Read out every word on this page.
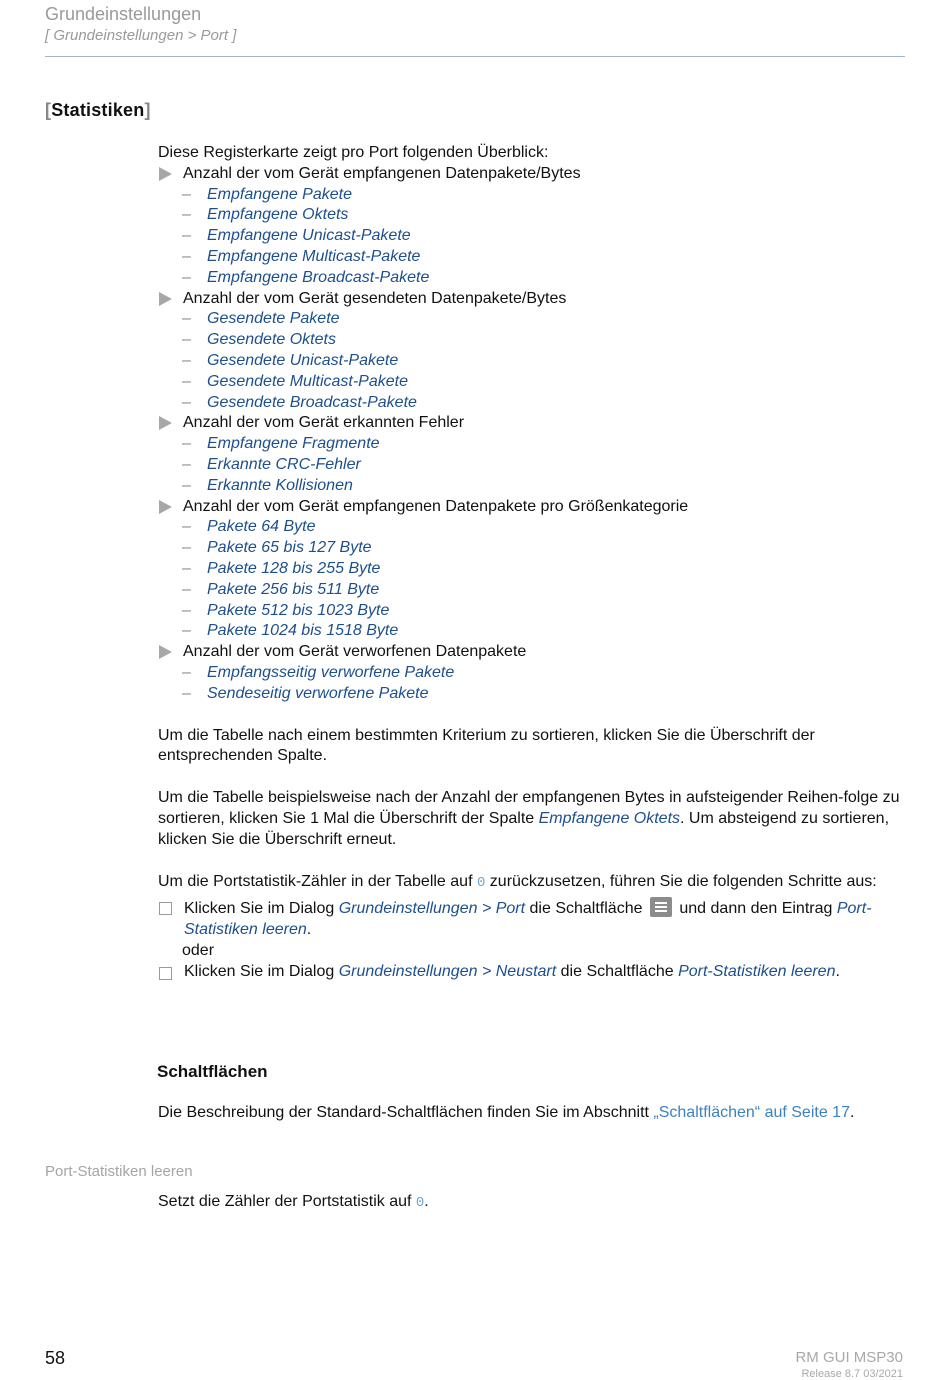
Grundeinstellungen
[ Grundeinstellungen > Port ]
[Statistiken]

Diese Registerkarte zeigt pro Port folgenden Überblick:

Anzahl der vom Gerät empfangenen Datenpakete/Bytes
–	Empfangene Pakete
–	Empfangene Oktets
–	Empfangene Unicast-Pakete
–	Empfangene Multicast-Pakete
–	Empfangene Broadcast-Pakete
Anzahl der vom Gerät gesendeten Datenpakete/Bytes
–	Gesendete Pakete
–	Gesendete Oktets
–	Gesendete Unicast-Pakete
–	Gesendete Multicast-Pakete
–	Gesendete Broadcast-Pakete
Anzahl der vom Gerät erkannten Fehler
–	Empfangene Fragmente
–	Erkannte CRC-Fehler
–	Erkannte Kollisionen
Anzahl der vom Gerät empfangenen Datenpakete pro Größenkategorie
–	Pakete 64 Byte
–	Pakete 65 bis 127 Byte
–	Pakete 128 bis 255 Byte
–	Pakete 256 bis 511 Byte
–	Pakete 512 bis 1023 Byte
–	Pakete 1024 bis 1518 Byte
Anzahl der vom Gerät verworfenen Datenpakete
–	Empfangsseitig verworfene Pakete
–	Sendeseitig verworfene Pakete

Um die Tabelle nach einem bestimmten Kriterium zu sortieren, klicken Sie die Überschrift der entsprechenden Spalte.

Um die Tabelle beispielsweise nach der Anzahl der empfangenen Bytes in aufsteigender Reihen-folge zu sortieren, klicken Sie 1 Mal die Überschrift der Spalte Empfangene Oktets. Um absteigend zu sortieren, klicken Sie die Überschrift erneut.

Um die Portstatistik-Zähler in der Tabelle auf 0 zurückzusetzen, führen Sie die folgenden Schritte aus:

Klicken Sie im Dialog Grundeinstellungen > Port die Schaltfläche
und dann den Eintrag Port-Statistiken leeren.
oder
Klicken Sie im Dialog Grundeinstellungen > Neustart die Schaltfläche Port-Statistiken leeren.
Schaltflächen
Die Beschreibung der Standard-Schaltflächen finden Sie im Abschnitt „Schaltflächen“ auf Seite 17.
Port-Statistiken leeren
Setzt die Zähler der Portstatistik auf 0.
58	RM GUI MSP30
Release 8.7 03/2021
